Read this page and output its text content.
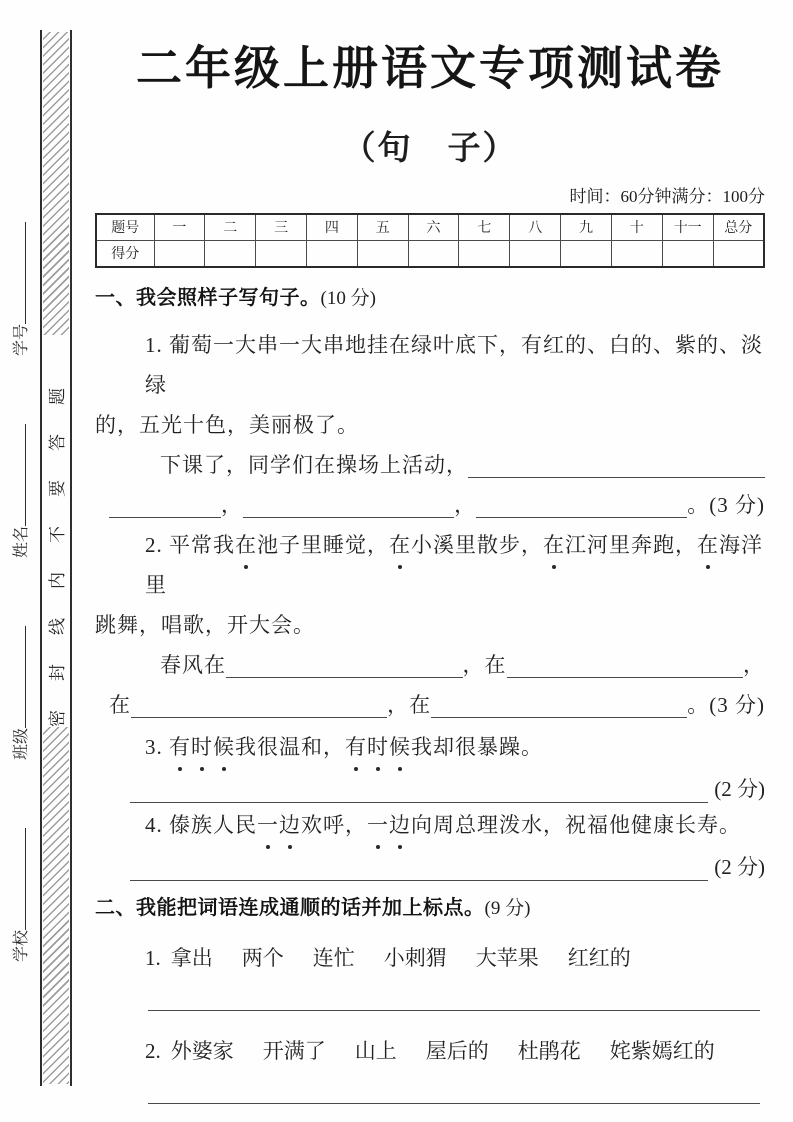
密封线内不要答题
学校班级姓名学号
二年级上册语文专项测试卷
（句　子）
时间：60分钟满分：100分
题号	一	二	三	四	五	六	七	八	九	十	十一	总分
得分												
一、我会照样子写句子。(10 分)
1. 葡萄一大串一大串地挂在绿叶底下，有红的、白的、紫的、淡绿
的，五光十色，美丽极了。
下课了，同学们在操场上活动，
，	，	。 (3 分)
2. 平常我在池子里睡觉，在小溪里散步，在江河里奔跑，在海洋里
跳舞，唱歌，开大会。
春风在	，在	，
在	，在	。 (3 分)
3. 有时候我很温和，有时候我却很暴躁。
(2 分)
4. 傣族人民一边欢呼，一边向周总理泼水，祝福他健康长寿。
(2 分)
二、我能把词语连成通顺的话并加上标点。(9 分)
1. 拿出 两个 连忙 小刺猬 大苹果 红红的
2. 外婆家 开满了 山上 屋后的 杜鹃花 姹紫嫣红的
